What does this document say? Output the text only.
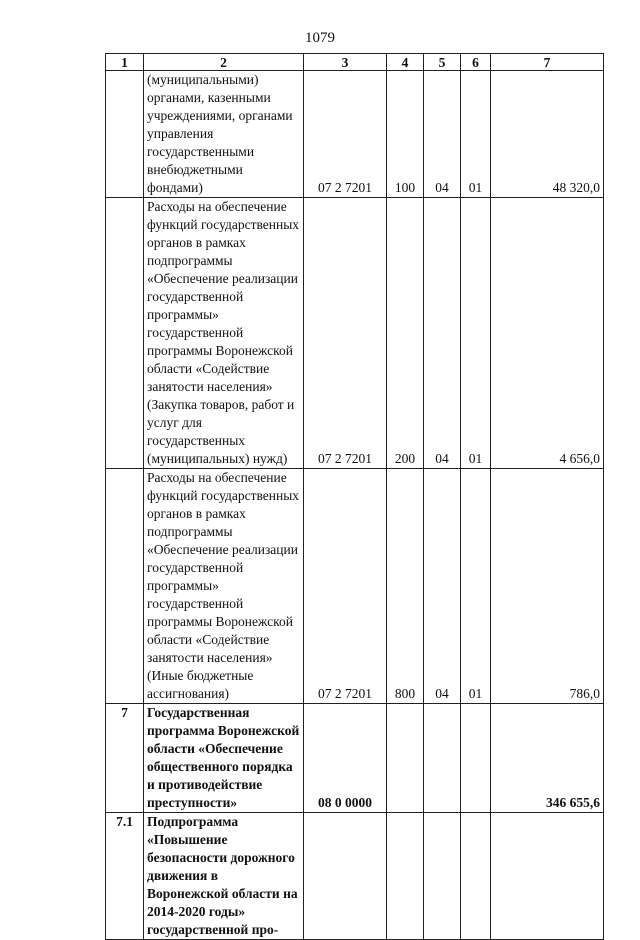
1079
1	2	3	4	5	6	7
	(муниципальными) органами, казенными учреждениями, органами управления государственными внебюджетными фондами)	07 2 7201	100	04	01	48 320,0
	Расходы на обеспечение функций государственных органов в рамках подпрограммы «Обеспечение реализации государственной программы» государственной программы Воронежской области «Содействие занятости населения» (Закупка товаров, работ и услуг для государственных (муниципальных) нужд)	07 2 7201	200	04	01	4 656,0
	Расходы на обеспечение функций государственных органов в рамках подпрограммы «Обеспечение реализации государственной программы» государственной программы Воронежской области «Содействие занятости населения» (Иные бюджетные ассигнования)	07 2 7201	800	04	01	786,0
7	Государственная программа Воронежской области «Обеспечение общественного порядка и противодействие преступности»	08 0 0000				346 655,6
7.1	Подпрограмма «Повышение безопасности дорожного движения в Воронежской области на 2014-2020 годы» государственной про-					
